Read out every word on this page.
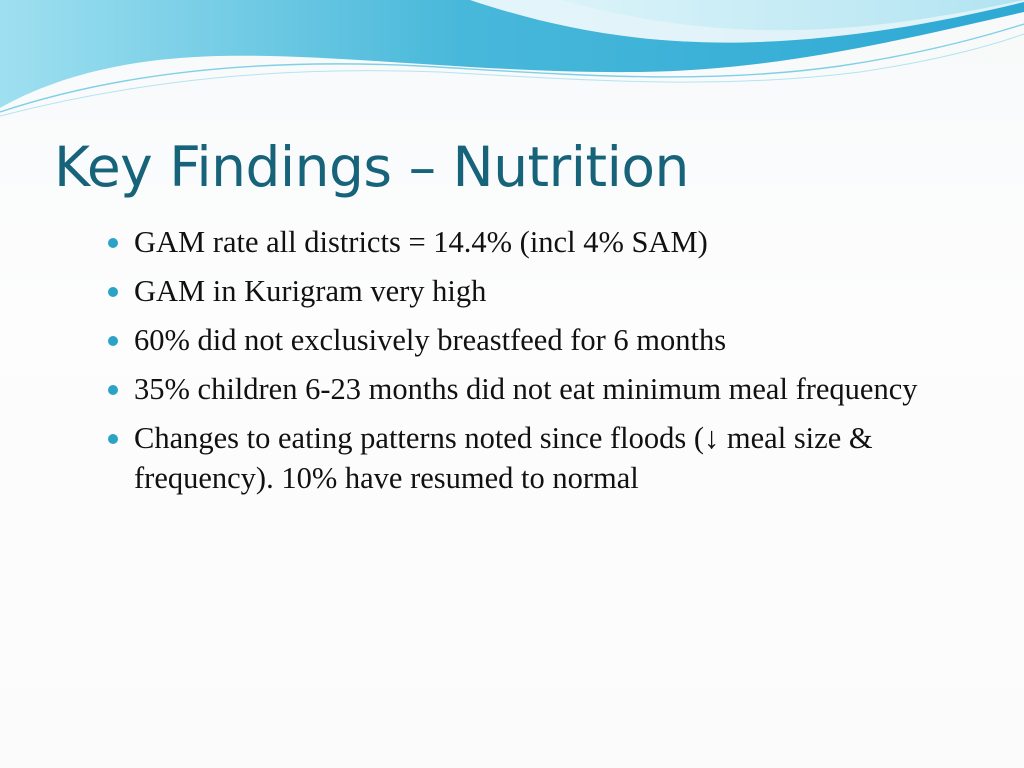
Key Findings – Nutrition
GAM rate all districts = 14.4% (incl 4% SAM)
GAM in Kurigram very high
60% did not exclusively breastfeed for 6 months
35% children 6-23 months did not eat minimum meal frequency
Changes to eating patterns noted since floods (↓ meal size & frequency). 10% have resumed to normal
